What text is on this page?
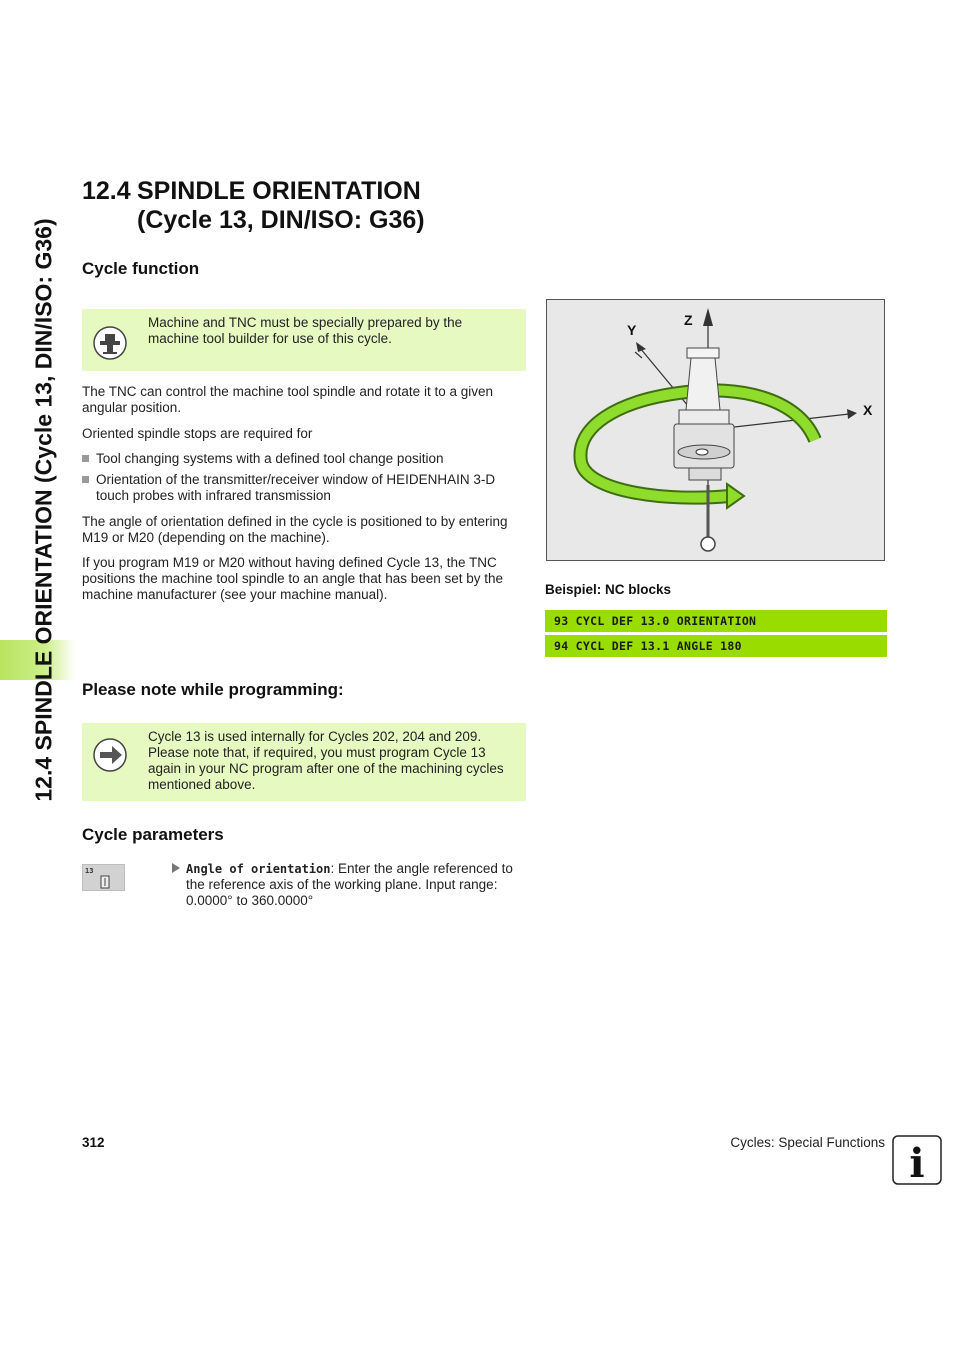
12.4 SPINDLE ORIENTATION (Cycle 13, DIN/ISO: G36)
12.4 SPINDLE ORIENTATION
(Cycle 13, DIN/ISO: G36)
Cycle function
Machine and TNC must be specially prepared by the machine tool builder for use of this cycle.

The TNC can control the machine tool spindle and rotate it to a given angular position.

Oriented spindle stops are required for

Tool changing systems with a defined tool change position
Orientation of the transmitter/receiver window of HEIDENHAIN 3-D touch probes with infrared transmission

The angle of orientation defined in the cycle is positioned to by entering M19 or M20 (depending on the machine).

If you program M19 or M20 without having defined Cycle 13, the TNC positions the machine tool spindle to an angle that has been set by the machine manufacturer (see your machine manual).

Z
Y
X
Beispiel: NC blocks
93 CYCL DEF 13.0 ORIENTATION
94 CYCL DEF 13.1 ANGLE 180
Please note while programming:
Cycle 13 is used internally for Cycles 202, 204 and 209. Please note that, if required, you must program Cycle 13 again in your NC program after one of the machining cycles mentioned above.
Cycle parameters
13	Angle of orientation: Enter the angle referenced to the reference axis of the working plane. Input range: 0.0000° to 360.0000°
312	Cycles: Special Functions i
